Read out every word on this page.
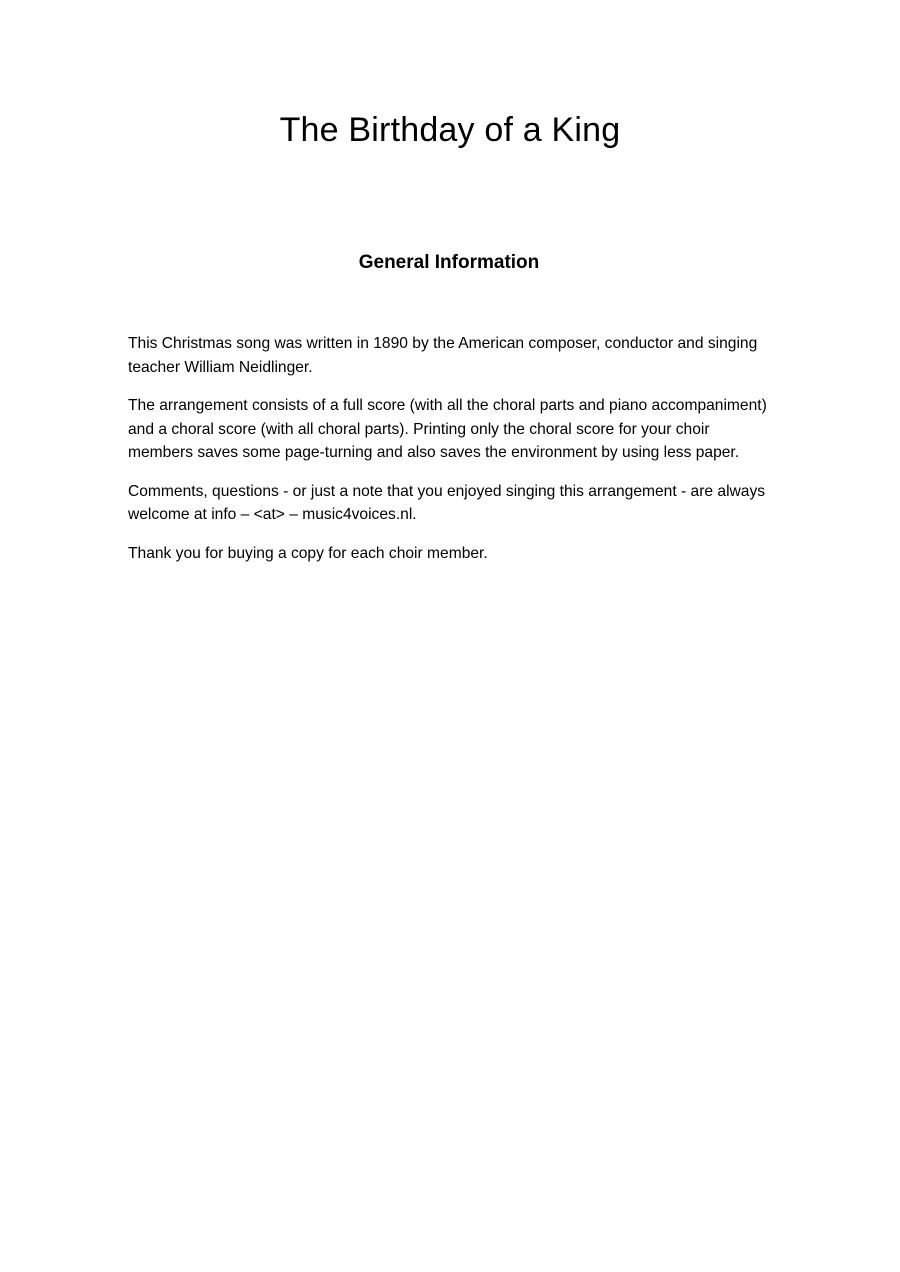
The Birthday of a King
General Information

This Christmas song was written in 1890 by the American composer, conductor and singing teacher William Neidlinger.

The arrangement consists of a full score (with all the choral parts and piano accompaniment) and a choral score (with all choral parts). Printing only the choral score for your choir members saves some page-turning and also saves the environment by using less paper.

Comments, questions - or just a note that you enjoyed singing this arrangement - are always welcome at info – <at> – music4voices.nl.

Thank you for buying a copy for each choir member.
